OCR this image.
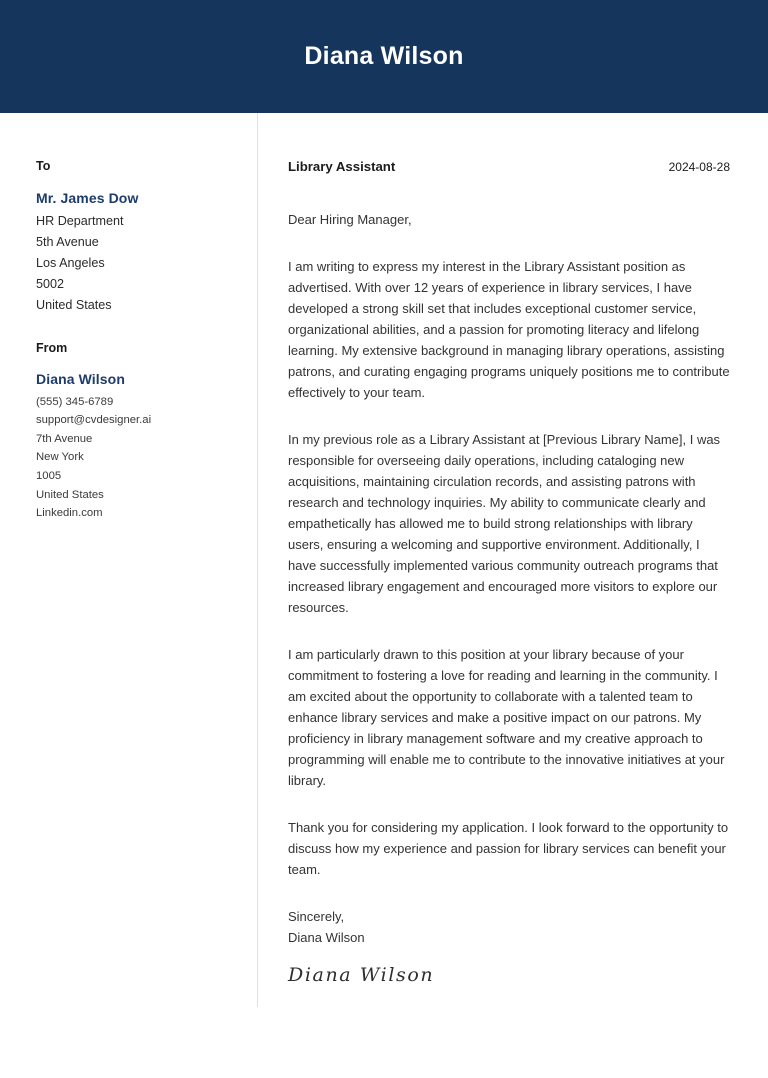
Diana Wilson
To
Mr. James Dow
HR Department
5th Avenue
Los Angeles
5002
United States
From
Diana Wilson
(555) 345-6789
support@cvdesigner.ai
7th Avenue
New York
1005
United States
Linkedin.com
Library Assistant	2024-08-28
Dear Hiring Manager,

I am writing to express my interest in the Library Assistant position as advertised. With over 12 years of experience in library services, I have developed a strong skill set that includes exceptional customer service, organizational abilities, and a passion for promoting literacy and lifelong learning. My extensive background in managing library operations, assisting patrons, and curating engaging programs uniquely positions me to contribute effectively to your team.

In my previous role as a Library Assistant at [Previous Library Name], I was responsible for overseeing daily operations, including cataloging new acquisitions, maintaining circulation records, and assisting patrons with research and technology inquiries. My ability to communicate clearly and empathetically has allowed me to build strong relationships with library users, ensuring a welcoming and supportive environment. Additionally, I have successfully implemented various community outreach programs that increased library engagement and encouraged more visitors to explore our resources.

I am particularly drawn to this position at your library because of your commitment to fostering a love for reading and learning in the community. I am excited about the opportunity to collaborate with a talented team to enhance library services and make a positive impact on our patrons. My proficiency in library management software and my creative approach to programming will enable me to contribute to the innovative initiatives at your library.

Thank you for considering my application. I look forward to the opportunity to discuss how my experience and passion for library services can benefit your team.

Sincerely,
Diana Wilson
Diana Wilson
